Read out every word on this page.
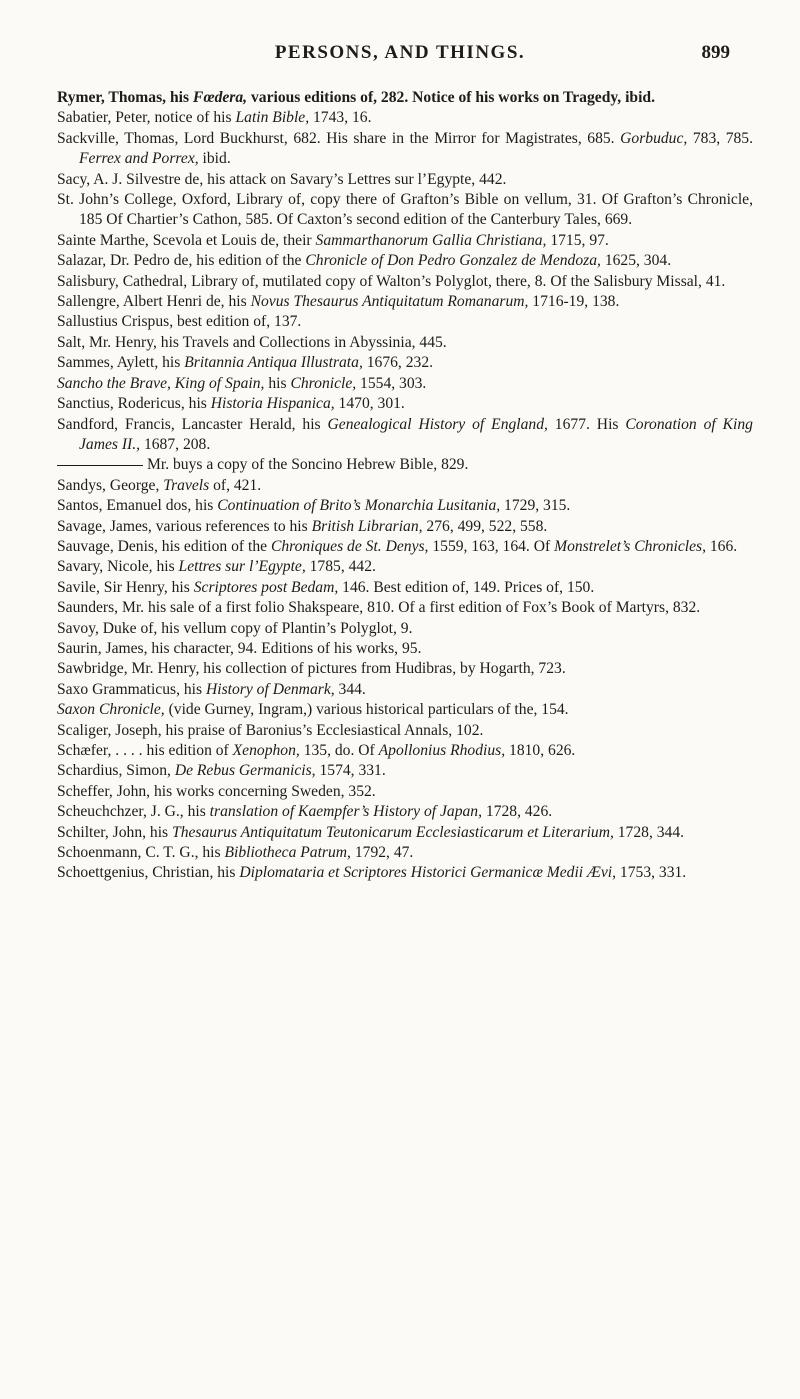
PERSONS, AND THINGS.	899

Rymer, Thomas, his Fœdera, various editions of, 282. Notice of his works on Tragedy, ibid.

Sabatier, Peter, notice of his Latin Bible, 1743, 16.

Sackville, Thomas, Lord Buckhurst, 682. His share in the Mirror for Magistrates, 685. Gorbuduc, 783, 785. Ferrex and Porrex, ibid.

Sacy, A. J. Silvestre de, his attack on Savary’s Lettres sur l’Egypte, 442.

St. John’s College, Oxford, Library of, copy there of Grafton’s Bible on vellum, 31. Of Grafton’s Chronicle, 185 Of Chartier’s Cathon, 585. Of Caxton’s second edition of the Canterbury Tales, 669.

Sainte Marthe, Scevola et Louis de, their Sammarthanorum Gallia Christiana, 1715, 97.

Salazar, Dr. Pedro de, his edition of the Chronicle of Don Pedro Gonzalez de Mendoza, 1625, 304.

Salisbury, Cathedral, Library of, mutilated copy of Walton’s Polyglot, there, 8. Of the Salisbury Missal, 41.

Sallengre, Albert Henri de, his Novus Thesaurus Antiquitatum Romanarum, 1716-19, 138.

Sallustius Crispus, best edition of, 137.

Salt, Mr. Henry, his Travels and Collections in Abyssinia, 445.

Sammes, Aylett, his Britannia Antiqua Illustrata, 1676, 232.

Sancho the Brave, King of Spain, his Chronicle, 1554, 303.

Sanctius, Rodericus, his Historia Hispanica, 1470, 301.

Sandford, Francis, Lancaster Herald, his Genealogical History of England, 1677. His Coronation of King James II., 1687, 208.

Mr. buys a copy of the Soncino Hebrew Bible, 829.

Sandys, George, Travels of, 421.

Santos, Emanuel dos, his Continuation of Brito’s Monarchia Lusitania, 1729, 315.

Savage, James, various references to his British Librarian, 276, 499, 522, 558.

Sauvage, Denis, his edition of the Chroniques de St. Denys, 1559, 163, 164. Of Monstrelet’s Chronicles, 166.

Savary, Nicole, his Lettres sur l’Egypte, 1785, 442.

Savile, Sir Henry, his Scriptores post Bedam, 146. Best edition of, 149. Prices of, 150.

Saunders, Mr. his sale of a first folio Shakspeare, 810. Of a first edition of Fox’s Book of Martyrs, 832.

Savoy, Duke of, his vellum copy of Plantin’s Polyglot, 9.

Saurin, James, his character, 94. Editions of his works, 95.

Sawbridge, Mr. Henry, his collection of pictures from Hudibras, by Hogarth, 723.

Saxo Grammaticus, his History of Denmark, 344.

Saxon Chronicle, (vide Gurney, Ingram,) various historical particulars of the, 154.

Scaliger, Joseph, his praise of Baronius’s Ecclesiastical Annals, 102.

Schæfer, . . . . his edition of Xenophon, 135, do. Of Apollonius Rhodius, 1810, 626.

Schardius, Simon, De Rebus Germanicis, 1574, 331.

Scheffer, John, his works concerning Sweden, 352.

Scheuchchzer, J. G., his translation of Kaempfer’s History of Japan, 1728, 426.

Schilter, John, his Thesaurus Antiquitatum Teutonicarum Ecclesiasticarum et Literarium, 1728, 344.

Schoenmann, C. T. G., his Bibliotheca Patrum, 1792, 47.

Schoettgenius, Christian, his Diplomataria et Scriptores Historici Germanicæ Medii Ævi, 1753, 331.
